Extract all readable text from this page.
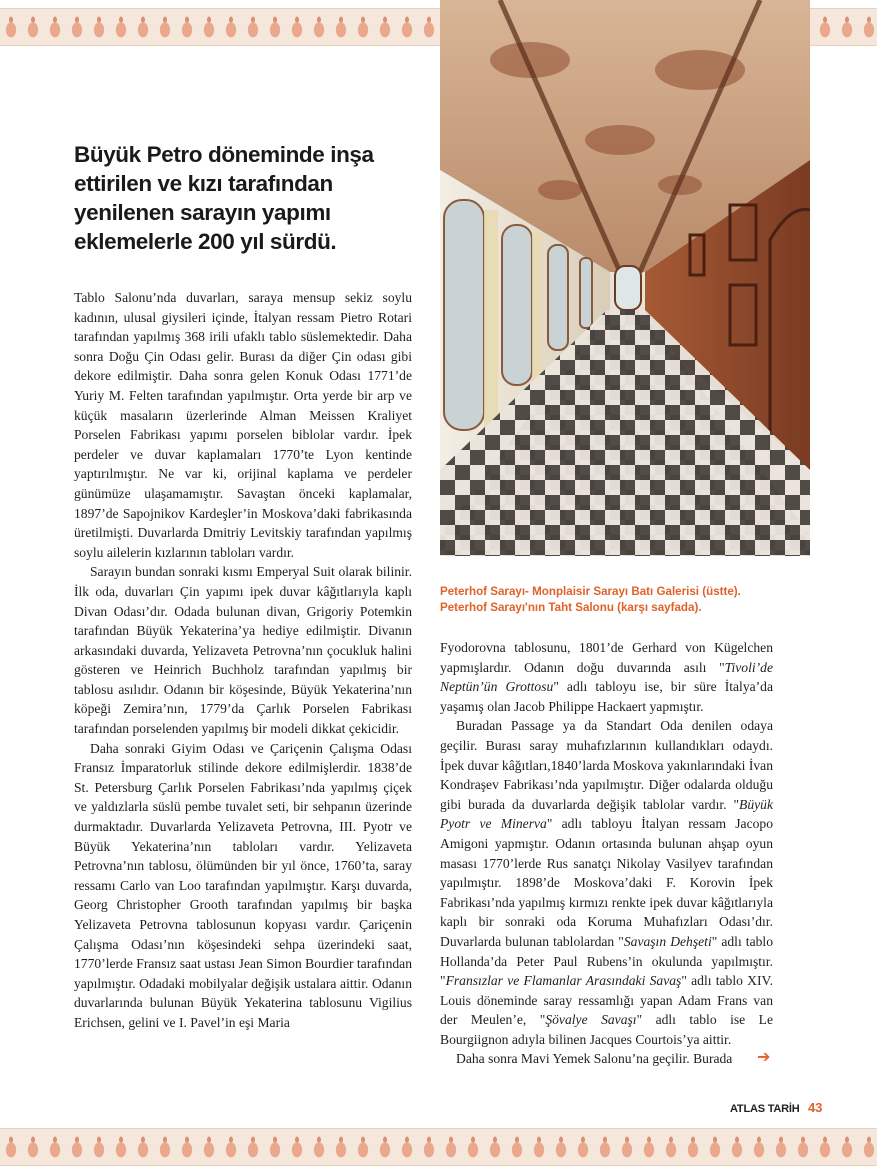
Büyük Petro döneminde inşa ettirilen ve kızı tarafından yenilenen sarayın yapımı eklemelerle 200 yıl sürdü.
Peterhof Sarayı- Monplaisir Sarayı Batı Galerisi (üstte).
Peterhof Sarayı'nın Taht Salonu (karşı sayfada).

Tablo Salonu’nda duvarları, saraya mensup sekiz soylu kadının, ulusal giysileri içinde, İtalyan ressam Pietro Rotari tarafından yapılmış 368 irili ufaklı tablo süslemektedir. Daha sonra Doğu Çin Odası gelir. Burası da diğer Çin odası gibi dekore edilmiştir. Daha sonra gelen Konuk Odası 1771’de Yuriy M. Felten tarafından yapılmıştır. Orta yerde bir arp ve küçük masaların üzerlerinde Alman Meissen Kraliyet Porselen Fabrikası yapımı porselen biblolar vardır. İpek perdeler ve duvar kaplamaları 1770’te Lyon kentinde yaptırılmıştır. Ne var ki, orijinal kaplama ve perdeler günümüze ulaşamamıştır. Savaştan önceki kaplamalar, 1897’de Sapojnikov Kardeşler’in Moskova’daki fabrikasında üretilmişti. Duvarlarda Dmitriy Levitskiy tarafından yapılmış soylu ailelerin kızlarının tabloları vardır.

Sarayın bundan sonraki kısmı Emperyal Suit olarak bilinir. İlk oda, duvarları Çin yapımı ipek duvar kâğıtlarıyla kaplı Divan Odası’dır. Odada bulunan divan, Grigoriy Potemkin tarafından Büyük Yekaterina’ya hediye edilmiştir. Divanın arkasındaki duvarda, Yelizaveta Petrovna’nın çocukluk halini gösteren ve Heinrich Buchholz tarafından yapılmış bir tablosu asılıdır. Odanın bir köşesinde, Büyük Yekaterina’nın köpeği Zemira’nın, 1779’da Çarlık Porselen Fabrikası tarafından porselenden yapılmış bir modeli dikkat çekicidir.

Daha sonraki Giyim Odası ve Çariçenin Çalışma Odası Fransız İmparatorluk stilinde dekore edilmişlerdir. 1838’de St. Petersburg Çarlık Porselen Fabrikası’nda yapılmış çiçek ve yaldızlarla süslü pembe tuvalet seti, bir sehpanın üzerinde durmaktadır. Duvarlarda Yelizaveta Petrovna, III. Pyotr ve Büyük Yekaterina’nın tabloları vardır. Yelizaveta Petrovna’nın tablosu, ölümünden bir yıl önce, 1760’ta, saray ressamı Carlo van Loo tarafından yapılmıştır. Karşı duvarda, Georg Christopher Grooth tarafından yapılmış bir başka Yelizaveta Petrovna tablosunun kopyası vardır. Çariçenin Çalışma Odası’nın köşesindeki sehpa üzerindeki saat, 1770’lerde Fransız saat ustası Jean Simon Bourdier tarafından yapılmıştır. Odadaki mobilyalar değişik ustalara aittir. Odanın duvarlarında bulunan Büyük Yekaterina tablosunu Vigilius Erichsen, gelini ve I. Pavel’in eşi Maria

Fyodorovna tablosunu, 1801’de Gerhard von Kügelchen yapmışlardır. Odanın doğu duvarında asılı "Tivoli’de Neptün’ün Grottosu" adlı tabloyu ise, bir süre İtalya’da yaşamış olan Jacob Philippe Hackaert yapmıştır.

Buradan Passage ya da Standart Oda denilen odaya geçilir. Burası saray muhafızlarının kullandıkları odaydı. İpek duvar kâğıtları,1840’larda Moskova yakınlarındaki İvan Kondraşev Fabrikası’nda yapılmıştır. Diğer odalarda olduğu gibi burada da duvarlarda değişik tablolar vardır. "Büyük Pyotr ve Minerva" adlı tabloyu İtalyan ressam Jacopo Amigoni yapmıştır. Odanın ortasında bulunan ahşap oyun masası 1770’lerde Rus sanatçı Nikolay Vasilyev tarafından yapılmıştır. 1898’de Moskova’daki F. Korovin İpek Fabrikası’nda yapılmış kırmızı renkte ipek duvar kâğıtlarıyla kaplı bir sonraki oda Koruma Muhafızları Odası’dır. Duvarlarda bulunan tablolardan "Savaşın Dehşeti" adlı tablo Hollanda’da Peter Paul Rubens’in okulunda yapılmıştır. "Fransızlar ve Flamanlar Arasındaki Savaş" adlı tablo XIV. Louis döneminde saray ressamlığı yapan Adam Frans van der Meulen’e, "Şövalye Savaşı" adlı tablo ise Le Bourgiignon adıyla bilinen Jacques Courtois’ya aittir.

Daha sonra Mavi Yemek Salonu’na geçilir. Burada	➔
ATLAS TARİH 43
